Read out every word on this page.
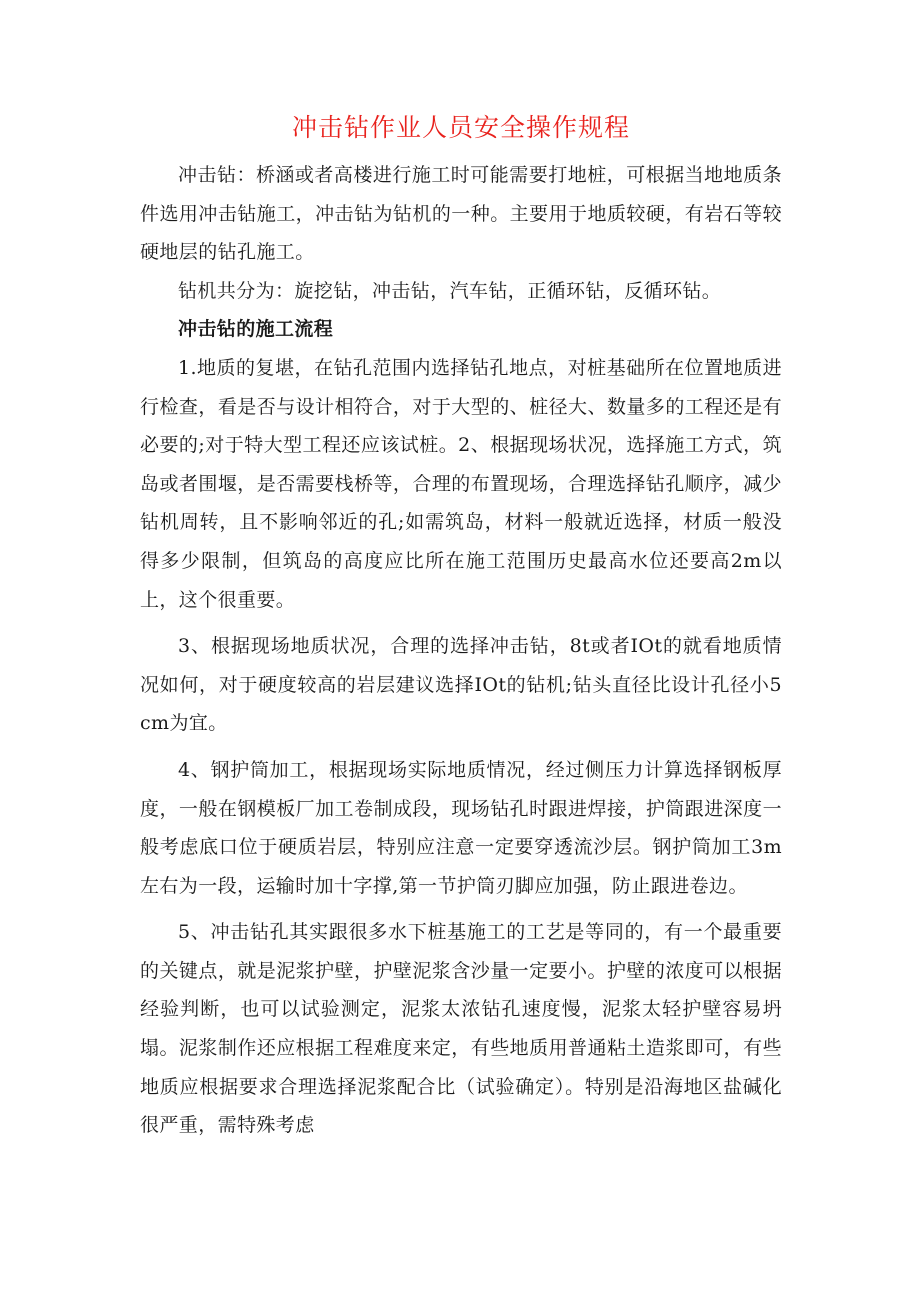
冲击钻作业人员安全操作规程

冲击钻：桥涵或者高楼进行施工时可能需要打地桩，可根据当地地质条件选用冲击钻施工，冲击钻为钻机的一种。主要用于地质较硬，有岩石等较硬地层的钻孔施工。

钻机共分为：旋挖钻，冲击钻，汽车钻，正循环钻，反循环钻。

冲击钻的施工流程

1.地质的复堪，在钻孔范围内选择钻孔地点，对桩基础所在位置地质进行检查，看是否与设计相符合，对于大型的、桩径大、数量多的工程还是有必要的;对于特大型工程还应该试桩。2、根据现场状况，选择施工方式，筑岛或者围堰，是否需要栈桥等，合理的布置现场，合理选择钻孔顺序，减少钻机周转，且不影响邻近的孔;如需筑岛，材料一般就近选择，材质一般没得多少限制，但筑岛的高度应比所在施工范围历史最高水位还要高2m以上，这个很重要。

3、根据现场地质状况，合理的选择冲击钻，8t或者IOt的就看地质情况如何，对于硬度较高的岩层建议选择IOt的钻机;钻头直径比设计孔径小5cm为宜。

4、钢护筒加工，根据现场实际地质情况，经过侧压力计算选择钢板厚度，一般在钢模板厂加工卷制成段，现场钻孔时跟进焊接，护筒跟进深度一般考虑底口位于硬质岩层，特别应注意一定要穿透流沙层。钢护筒加工3m左右为一段，运输时加十字撑,第一节护筒刃脚应加强，防止跟进卷边。

5、冲击钻孔其实跟很多水下桩基施工的工艺是等同的，有一个最重要的关键点，就是泥浆护壁，护壁泥浆含沙量一定要小。护壁的浓度可以根据经验判断，也可以试验测定，泥浆太浓钻孔速度慢，泥浆太轻护壁容易坍塌。泥浆制作还应根据工程难度来定，有些地质用普通粘土造浆即可，有些地质应根据要求合理选择泥浆配合比（试验确定）。特别是沿海地区盐碱化很严重，需特殊考虑
